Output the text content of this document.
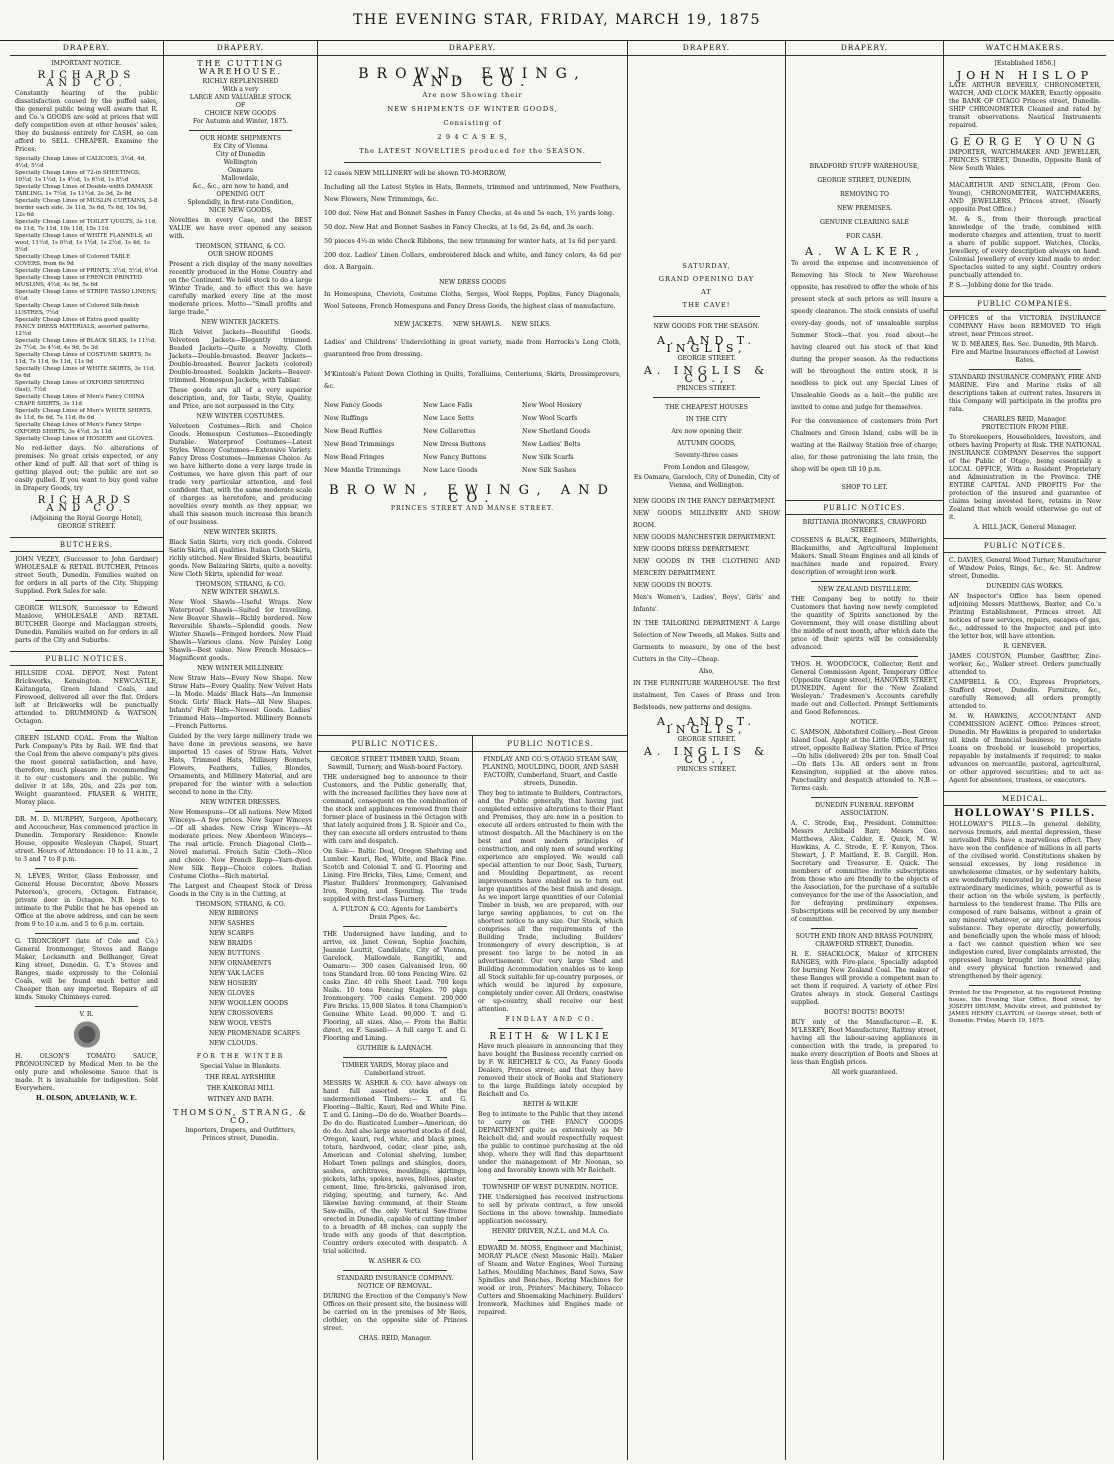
THE EVENING STAR, FRIDAY, MARCH 19, 1875
DRAPERY.
IMPORTANT NOTICE.
RICHARDS AND CO.
Constantly hearing of the public dissatisfaction caused by the puffed sales, the general public being well aware that R. and Co.'s GOODS are sold at prices that will defy competition even at other houses' sales, they do business entirely for CASH, so can afford to SELL CHEAPER. Examine the Prices:
Specially Cheap Lines of CALICOES, 3½d, 4d, 4½d, 5½d
Specially Cheap Lines of 72-in SHEETINGS, 10½d, 1s 1½d, 1s 4½d, 1s 6½d, 1s 8½d
Specially Cheap Lines of Double-width DAMASK TABLING, 1s 7½d, 1s 11½d, 2s 3d, 2s 8d
Specially Cheap Lines of MUSLIN CURTAINS, 3-8 border each side, 3s 11d, 5s 6d, 7s 6d, 10s 9d, 12s 6d
Specially Cheap Lines of TOILET QUILTS, 3s 11d, 6s 11d, 7s 11d, 10s 11d, 15s 11d
Specially Cheap Lines of WHITE FLANNELS, all wool, 11½d, 1s 0½d, 1s 1½d, 1s 2½d, 1s 4d, 1s 5½d
Specially Cheap Lines of Colored TABLE COVERS, from 6s 9d
Specially Cheap Lines of PRINTS, 3½d, 5½d, 6½d
Specially Cheap Lines of FRENCH PRINTED MUSLINS, 4½d, 4s 9d, 5s 6d
Specially Cheap Lines of STRIPE TASSO LINENS, 6½d
Specially Cheap Lines of Colored Silk-finish LUSTRES, 7½d
Specially Cheap Lines of Extra good quality FANCY DRESS MATERIALS, assorted patterns, 12½d
Specially Cheap Lines of BLACK SILKS, 1s 11½d, 2s 7½d, 3s 4½d, 4s 9d, 5s 3d
Specially Cheap Lines of COSTUME SKIRTS, 5s 11d, 7s 11d, 9s 11d, 11s 9d
Specially Cheap Lines of WHITE SKIRTS, 3s 11d, 6s 6d
Specially Cheap Lines of OXFORD SHIRTING (fast), 7½d
Specially Cheap Lines of Men's Fancy CHINA CRAPE SHIRTS, 3s 11d
Specially Cheap Lines of Men's WHITE SHIRTS, 4s 11d, 6s 6d, 7s 11d, 8s 6d
Specially Cheap Lines of Men's Fancy Stripe OXFORD SHIRTS, 3s 4½d, 3s 11d
Specially Cheap Lines of HOSIERY and GLOVES.
No red-letter days. No alterations of premises. No great crisis expected, or any other kind of puff. All that sort of thing is getting played out; the public are not so easily gulled. If you want to buy good value in Drapery Goods, try
RICHARDS AND CO.
(Adjoining the Royal George Hotel), GEORGE STREET.
BUTCHERS.
JOHN VEZEY, (Successor to John Gardner) WHOLESALE & RETAIL BUTCHER, Princes street South, Dunedin. Families waited on for orders in all parts of the City. Shipping Supplied. Pork Sales for sale.
GEORGE WILSON, Successor to Edward Manlove, WHOLESALE AND RETAIL BUTCHER George and Maclaggan streets, Dunedin. Families waited on for orders in all parts of the City and Suburbs.
PUBLIC NOTICES.
HILLSIDE COAL DEPOT, Next Patent Brickworks, Kensington. NEWCASTLE, Kaitangata, Green Island Coals, and Firewood, delivered all over the flat. Orders left at Brickworks will be punctually attended to. DRUMMOND & WATSON, Octagon.
GREEN ISLAND COAL. From the Walton Park Company's Pits by Rail. WE find that the Coal from the above company's pits gives the most general satisfaction, and have, therefore, much pleasure in recommending it to our customers and the public. We deliver it at 18s, 20s, and 22s per ton. Weight guaranteed. FRASER & WHITE, Moray place.
DR. M. D. MURPHY, Surgeon, Apothecary, and Accoucheur, Has commenced practice in Dunedin. Temporary Residence: Knowle House, opposite Wesleyan Chapel, Stuart street. Hours of Attendance: 10 to 11 a.m., 2 to 3 and 7 to 8 p.m.
N. LEVES, Writer, Glass Embosser, and General House Decorator, Above Messrs Paterson's, grocers, Octagon. Entrance, private door in Octagon. N.B. begs to intimate to the Public that he has opened an Office at the above address, and can be seen from 9 to 10 a.m. and 5 to 6 p.m. certain.
G. TRONCROFT (late of Cole and Co.) General Ironmonger, Stoves and Range Maker, Locksmith and Bellhanger, Great King street, Dunedin. G. T.'s Stoves and Ranges, made expressly to the Colonial Coals, will be found much better and Cheaper than any imported. Repairs of all kinds. Smoky Chimneys cured.
V. R.
H. OLSON'S TOMATO SAUCE, PRONOUNCED by Medical Men to be the only pure and wholesome Sauce that is made. It is invaluable for indigestion. Sold Everywhere.
H. OLSON, ADUELAND, W. E.
DRAPERY.
THE CUTTING WAREHOUSE.
RICHLY REPLENISHED
With a very
LARGE AND VALUABLE STOCK
OF
CHOICE NEW GOODS
For Autumn and Winter, 1875.
OUR HOME SHIPMENTS
Ex City of Vienna
City of Dunedin
Wellington
Oamaru
Mallowdale,
&c., &c., are now to hand, and
OPENING OUT
Splendidly, in first-rate Condition,
NICE NEW GOODS,
Novelties in every Case, and the BEST VALUE we have ever opened any season with.
THOMSON, STRANG, & CO.
OUR SHOW ROOMS
Present a rich display of the many novelties recently produced in the Home Country and on the Continent. We hold stock to do a large Winter Trade, and to effect this we have carefully marked every line at the most moderate prices. Motto—"Small profits and large trade."
NEW WINTER JACKETS.
Rich Velvet Jackets—Beautiful Goods. Velveteen Jackets—Elegantly trimmed. Beaded Jackets—Quite a Novelty. Cloth Jackets—Double-breasted. Beaver Jackets—Double-breasted. Beaver Jackets (colored) Double-breasted. Sealskin Jackets—Beaver-trimmed. Homespun Jackets, with Tabliar.
These goods are all of a very superior description, and, for Taste, Style, Quality, and Price, are not surpassed in the City.
NEW WINTER COSTUMES.
Velveteen Costumes—Rich and Choice Goods. Homespun Costumes—Exceedingly Durable. Waterproof Costumes—Latest Styles. Wincey Costumes—Extensive Variety. Fancy Dress Costumes—Immense Choice. As we have hitherto done a very large trade in Costumes, we have given this part of our trade very particular attention, and feel confident that, with the same moderate scale of charges as heretofore, and producing novelties every month as they appear, we shall this season much increase this branch of our business.
NEW WINTER SKIRTS.
Black Satin Skirts, very rich goods. Colored Satin Skirts, all qualities. Italian Cloth Skirts, richly stitched. New Braided Skirts, beautiful goods. New Balzaring Skirts, quite a novelty. New Cloth Skirts, splendid for wear.
THOMSON, STRANG, & CO.
NEW WINTER SHAWLS.
New Wool Shawls—Useful Wraps. New Waterproof Shawls—Suited for travelling. New Beaver Shawls—Richly bordered. New Reversible Shawls—Splendid goods. New Winter Shawls—Fringed borders. New Plaid Shawls—Various clans. New Paisley Long Shawls—Best value. New French Mosaics—Magnificent goods.
NEW WINTER MILLINERY.
New Straw Hats—Every New Shape. New Straw Hats—Every Quality. New Velvet Hats—In Mode. Maids' Black Hats—An Immense Stock. Girls' Black Hats—All New Shapes. Infants' Felt Hats—Newest Goods. Ladies' Trimmed Hats—Imported. Millinery Bonnets—French Patterns.
Guided by the very large millinery trade we have done in previous seasons, we have imported 15 cases of Straw Hats, Velvet Hats, Trimmed Hats, Millinery Bonnets, Flowers, Feathers, Tulles, Blondes, Ornaments, and Millinery Material, and are prepared for the winter with a selection second to none in the City.
NEW WINTER DRESSES.
New Homespuns—Of all nations. New Mixed Winceys—A few prices. New Super Winceys—Of all shades. New Crisp Winceys—At moderate prices. New Aberdeen Winceys—The real article. French Diagonal Cloth—Novel material. French Satin Cloth—Nice and choice. New French Repp—Yarn-dyed. New Silk Repp—Choice colors. Italian Costume Cloths—Rich material.
The Largest and Cheapest Stock of Dress Goods in the City is in the Cutting, at
THOMSON, STRANG, & CO.
NEW RIBBONS
NEW SASHES
NEW SCARFS
NEW BRAIDS
NEW BUTTONS
NEW ORNAMENTS
NEW YAK LACES
NEW HOSIERY
NEW GLOVES
NEW WOOLLEN GOODS
NEW CROSSOVERS
NEW WOOL VESTS
NEW PROMENADE SCARFS
NEW CLOUDS.
FOR THE WINTER
Special Value in Blankets.
THE REAL AYRSHIRE
THE KAIKORAI MILL
WITNEY AND BATH.
THOMSON, STRANG, & CO.
Importers, Drapers, and Outfitters,
Princes street, Dunedin.
DRAPERY.
BROWN, EWING, AND CO.
Are now Showing their
NEW SHIPMENTS OF WINTER GOODS,
Consisting of
2 9 4 C A S E S,
The LATEST NOVELTIES produced for the SEASON.
12 cases NEW MILLINERY will be shown TO-MORROW,
Including all the Latest Styles in Hats, Bonnets, trimmed and untrimmed, New Feathers, New Flowers, New Trimmings, &c.
100 doz. New Hat and Bonnet Sashes in Fancy Checks, at 4s and 5s each, 1½ yards long.
50 doz. New Hat and Bonnet Sashes in Fancy Checks, at 1s 6d, 2s 6d, and 3s each.
50 pieces 4½-in wide Check Ribbons, the new trimming for winter hats, at 1s 6d per yard.
200 doz. Ladies' Linen Collars, embroidered black and white, and fancy colors, 4s 6d per doz. A Bargain.
NEW DRESS GOODS
In Homespuns, Cheviots, Costume Cloths, Serges, Wool Repps, Poplins, Fancy Diagonals, Wool Sateens, French Homespuns and Fancy Dress Goods, the highest class of manufacture.
NEW JACKETS.     NEW SHAWLS.     NEW SILKS.
Ladies' and Childrens' Underclothing in great variety, made from Horrocks's Long Cloth, guaranteed free from dressing.
M'Kintosh's Patent Down Clothing in Quilts, Toralluims, Centeriums, Skirts, Dressimprovers, &c.
New Fancy Goods	New Lace Falls	New Wool Hosiery
New Ruffings	New Lace Setts	New Wool Scarfs
New Bead Ruffles	New Collarettes	New Shetland Goods
New Bead Trimmings	New Dress Buttons	New Ladies' Belts
New Bead Fringes	New Fancy Buttons	New Silk Scarfs
New Mantle Trimmings	New Lace Goods	New Silk Sashes
BROWN, EWING, AND CO.
PRINCES STREET AND MANSE STREET.
PUBLIC NOTICES.
GEORGE STREET TIMBER YARD, Steam Sawmill, Turnery, and Wash-board Factory.
THE undersigned beg to announce to their Customers, and the Public generally, that, with the increased facilities they have now at command, consequent on the combination of the stock and appliances removed from their former place of business in the Octagon with that lately acquired from J. R. Spicer and Co., they can execute all orders entrusted to them with care and despatch.
On Sale— Baltic Deal, Oregon Shelving and Lumber. Kauri, Red, White, and Black Pine. Scotch and Colonial T. and G. Flooring and Lining. Fire Bricks, Tiles, Lime, Cement, and Plaster. Builders' Ironmongery, Galvanised Iron, Roping, and Spouting. The trade supplied with first-class Turnery.
A. FULTON & CO. Agents for Lambert's Drain Pipes, &c.
THE Undersigned have landing, and to arrive, ex Janet Cowan, Sophie Joachim, Jeannie Louttit, Candidate, City of Vienna, Garelock, Mallowdale, Rangitiki, and Oamaru:— 300 cases Galvanised Iron. 60 tons Standard Iron. 60 tons Fencing Wire. 62 casks Zinc. 40 rolls Sheet Lead. 700 kegs Nails. 10 tons Fencing Staples. 70 pkgs Ironmongery. 700 casks Cement. 200,000 Fire Bricks. 15,000 Slates. 8 tons Champion's Genuine White Lead. 90,000 T. and G. Flooring, all sizes. Also,— From the Baltic direct, ex F. Sasseli— A full cargo T. and G. Flooring and Lining.
GUTHRIE & LARNACH.
TIMBER YARDS, Moray place and Cumberland street.
MESSRS W. ASHER & CO. have always on hand full assorted stocks of the undermentioned Timbers:— T. and G. Flooring—Baltic, Kauri, Red and White Pine. T. and G. Lining—Do do do. Weather Boards—Do do do. Rusticated Lumber—American, do do do. And also large assorted stocks of deal, Oregon, kauri, red, white, and black pines, totara, hardwood, cedar, clear pine, ash, American and Colonial shelving, lumber, Hobart Town palings and shingles, doors, sashes, architraves, mouldings, skirtings, pickets, laths, spokes, naves, felloes, plaster, cement, lime, fire-bricks, galvanised iron, ridging, spouting, and turnery, &c. And likewise having command, at their Steam Saw-mills, of the only Vertical Saw-frame erected in Dunedin, capable of cutting timber to a breadth of 48 inches, can supply the trade with any goods of that description. Country orders executed with despatch. A trial solicited.
W. ASHER & CO.
STANDARD INSURANCE COMPANY. NOTICE OF REMOVAL.
DURING the Erection of the Company's New Offices on their present site, the business will be carried on in the premises of Mr Rees, clothier, on the opposite side of Princes street.
CHAS. REID, Manager.
PUBLIC NOTICES.
FINDLAY AND CO.'S OTAGO STEAM SAW, PLANING, MOULDING, DOOR, AND SASH FACTORY, Cumberland, Stuart, and Castle streets, Dunedin.
They beg to intimate to Builders, Contractors, and the Public generally, that having just completed extensive alterations to their Plant and Premises, they are now in a position to execute all orders entrusted to them with the utmost despatch. All the Machinery is on the best and most modern principles of construction, and only men of sound working experience are employed. We would call special attention to our Door, Sash, Turnery, and Moulding Department, as recent improvements have enabled us to turn out large quantities of the best finish and design. As we import large quantities of our Colonial Timber in bush, we are prepared, with our large sawing appliances, to cut on the shortest notice to any size. Our Stock, which comprises all the requirements of the Building Trade, including Builders' Ironmongery of every description, is at present too large to be noted in an advertisement. Our very large Shed and Building Accommodation enables us to keep all Stock suitable for up-country purposes, or which would be injured by exposure, completely under cover. All Orders, coastwise or up-country, shall receive our best attention.
FINDLAY AND CO.
REITH & WILKIE
Have much pleasure in announcing that they have bought the Business recently carried on by F. W. REICHELT & CO., As Fancy Goods Dealers, Princes street; and that they have removed their stock of Books and Stationery to the large Buildings lately occupied by Reichelt and Co.
REITH & WILKIE
Beg to intimate to the Public that they intend to carry on THE FANCY GOODS DEPARTMENT quite as extensively as Mr Reichelt did, and would respectfully request the public to continue purchasing at the old shop, where they will find this department under the management of Mr Noonan, so long and favorably known with Mr Reichelt.
TOWNSHIP OF WEST DUNEDIN. NOTICE.
THE Undersigned has received instructions to sell by private contract, a few unsold Sections in the above township. Immediate application necessary.
HENRY DRIVER, N.Z.L. and M.A. Co.
EDWARD M. MOSS, Engineer and Machinist, MORAY PLACE (Next Masonic Hall). Maker of Steam and Water Engines, Wool Turning Lathes, Moulding Machines, Band Saws, Saw Spindles and Benches, Boring Machines for wood or iron, Printers' Machinery, Tobacco Cutters and Shoemaking Machinery. Builders' Ironwork. Machines and Engines made or repaired.
DRAPERY.
SATURDAY,
GRAND OPENING DAY
AT
THE CAVE!
NEW GOODS FOR THE SEASON.
A. AND T. INGLIS,
GEORGE STREET.
A. INGLIS & CO.,
PRINCES STREET.
THE CHEAPEST HOUSES
IN THE CITY
Are now opening their
AUTUMN GOODS,
Seventy-three cases
From London and Glasgow,
Ex Oamaru, Gareloch, City of Dunedin, City of Vienna, and Wellington.
NEW GOODS IN THE FANCY DEPARTMENT.
NEW GOODS MILLINERY AND SHOW ROOM.
NEW GOODS MANCHESTER DEPARTMENT.
NEW GOODS DRESS DEPARTMENT.
NEW GOODS IN THE CLOTHING AND MERCERY DEPARTMENT.
NEW GOODS IN BOOTS.
Men's Women's, Ladies', Boys', Girls' and Infants'.
IN THE TAILORING DEPARTMENT A Large Selection of New Tweeds, all Makes. Suits and Garments to measure, by one of the best Cutters in the City—Cheap.
Also,
IN THE FURNITURE WAREHOUSE. The first instalment, Ten Cases of Brass and Iron Bedsteads, new patterns and designs.
A. AND T. INGLIS,
GEORGE STREET.
A. INGLIS & CO.,
PRINCES STREET.
DRAPERY.
BRADFORD STUFF WAREHOUSE,
GEORGE STREET, DUNEDIN.
REMOVING TO
NEW PREMISES.
GENUINE CLEARING SALE
FOR CASH.
A. WALKER,
To avoid the expense and inconvenience of Removing his Stock to New Warehouse opposite, has resolved to offer the whole of his present stock at such prices as will insure a speedy clearance. The stock consists of useful every-day goods, not of unsaleable surplus Summer Stock—that you read about—he having cleared out his stock of that kind during the proper season. As the reductions will be throughout the entire stock, it is needless to pick out any Special Lines of Unsaleable Goods as a bait—the public are invited to come and judge for themselves.
For the convenience of customers from Port Chalmers and Green Island, cabs will be in waiting at the Railway Station free of charge; also, for those patronising the late train, the shop will be open till 10 p.m.
SHOP TO LET.
PUBLIC NOTICES.
BRITTANIA IRONWORKS, CRAWFORD STREET.
COSSENS & BLACK, Engineers, Millwrights, Blacksmiths, and Agricultural Implement Makers. Small Steam Engines and all kinds of machines made and repaired. Every description of wrought iron work.
NEW ZEALAND DISTILLERY.
THE Company beg to notify to their Customers that having now newly completed the quantity of Spirits sanctioned by the Government, they will cease distilling about the middle of next month, after which date the price of their spirits will be considerably advanced.
THOS. H. WOODCOCK, Collector, Rent and General Commission Agent, Temporary Office (Opposite Grange street), HANOVER STREET, DUNEDIN. Agent for the 'New Zealand Wesleyan.' Tradesmen's Accounts carefully made out and Collected. Prompt Settlements and Good References.
NOTICE.
C. SAMSON, Abbotsford Colliery.—Best Green Island Coal. Apply at the Little Office, Rattray street, opposite Railway Station. Price of Price—On hills (delivered) 20s per ton. Small Coal—On flats 13s. All orders sent in from Kensington, supplied at the above rates. Punctuality and despatch attended to. N.B.—Terms cash.
DUNEDIN FUNERAL REFORM ASSOCIATION.
A. C. Strode, Esq., President. Committee: Messrs Archibald Barr, Messrs Geo. Matthews, Alex. Calder, E. Quick, M. W. Hawkins, A. C. Strode, E. F. Kenyon, Thos. Stewart, J. P. Maitland, E. B. Cargill. Hon. Secretary and Treasurer, E. Quick. The members of committee invite subscriptions from those who are friendly to the objects of the Association, for the purchase of a suitable conveyance for the use of the Association, and for defraying preliminary expenses. Subscriptions will be received by any member of committee.
SOUTH END IRON AND BRASS FOUNDRY, CRAWFORD STREET, Dunedin.
H. E. SHACKLOCK, Maker of KITCHEN RANGES, with Fire-place, Specially adapted for burning New Zealand Coal. The maker of these Ranges will provide a competent man to set them if required. A variety of other Fire Grates always in stock. General Castings supplied.
BOOTS! BOOTS! BOOTS!
BUY only of the Manufacturer.—E. K. M'LESKEY, Boot Manufacturer, Rattray street, having all the labour-saving appliances in connection with the trade, is prepared to make every description of Boots and Shoes at less than English prices.
All work guaranteed.
WATCHMAKERS.
[Established 1856.]
JOHN HISLOP
LATE ARTHUR BEVERLY, CHRONOMETER, WATCH, AND CLOCK MAKER, Exactly opposite the BANK OF OTAGO Princes street, Dunedin. SHIP CHRONOMETER Cleaned and rated by transit observations. Nautical Instruments repaired.
GEORGE YOUNG
IMPORTER, WATCHMAKER AND JEWELLER, PRINCES STREET, Dunedin, Opposite Bank of New South Wales.
MACARTHUR AND SINCLAIR, (From Geo. Young), CHRONOMETER, WATCHMAKERS, AND JEWELLERS, Princes street, (Nearly opposite Post Office.)
M. & S., from their thorough practical knowledge of the trade, combined with moderate charges and attention, trust to merit a share of public support. Watches, Clocks, Jewellery, of every description always on hand. Colonial Jewellery of every kind made to order. Spectacles suited to any sight. Country orders punctually attended to.
P. S.—Jobbing done for the trade.
PUBLIC COMPANIES.
OFFICES of the VICTORIA INSURANCE COMPANY Have been REMOVED TO High street, near Princes street.
W. D. MEARES, Res. Sec. Dunedin, 9th March.
Fire and Marine Insurances effected at Lowest Rates.
STANDARD INSURANCE COMPANY, FIRE AND MARINE. Fire and Marine risks of all descriptions taken at current rates. Insurers in this Company will participate in the profits pro rata.
CHARLES REID, Manager.
PROTECTION FROM FIRE.
To Storekeepers, Householders, Investors, and others having Property at Risk. THE NATIONAL INSURANCE COMPANY Deserves the support of the Public of Otago, being essentially a LOCAL OFFICE, With a Resident Proprietary and Administration in the Province. THE ENTIRE CAPITAL AND PROFITS For the protection of the insured and guarantee of claims being invested here, retains in New Zealand that which would otherwise go out of it.
A. HILL JACK, General Manager.
PUBLIC NOTICES.
C. DAVIES, General Wood Turner, Manufacturer of Window Poles, Rings, &c., &c. St. Andrew street, Dunedin.
DUNEDIN GAS WORKS.
AN Inspector's Office has been opened adjoining Messrs Matthews, Baxter, and Co.'s Printing Establishment, Princes street. All notices of new services, repairs, escapes of gas, &c., addressed to the Inspector, and put into the letter box, will have attention.
R. GENEVER.
JAMES COUSTON, Plumber, Gasfitter, Zinc-worker, &c., Walker street. Orders punctually attended to.
CAMPBELL & CO., Express Proprietors, Stafford street, Dunedin. Furniture, &c., carefully Removed; all orders promptly attended to.
M. W. HAWKINS, ACCOUNTANT AND COMMISSION AGENT. Office: Princes street, Dunedin. Mr Hawkins is prepared to undertake all kinds of financial business; to negotiate Loans on freehold or leasehold properties, repayable by instalments if required; to make advances on mercantile, pastoral, agricultural, or other approved securities; and to act as Agent for absentees, trustees, or executors.
MEDICAL.
HOLLOWAY'S PILLS.
HOLLOWAY'S PILLS.—In general debility, nervous tremors, and mental depression, these unrivalled Pills have a marvellous effect. They have won the confidence of millions in all parts of the civilised world. Constitutions shaken by sensual excesses, by long residence in unwholesome climates, or by sedentary habits, are wonderfully renovated by a course of these extraordinary medicines, which, powerful as is their action on the whole system, is perfectly harmless to the tenderest frame. The Pills are composed of rare balsams, without a grain of any mineral whatever, or any other deleterious substance. They operate directly, powerfully, and beneficially upon the whole mass of blood; a fact we cannot question when we see indigestion cured, liver complaints arrested, the oppressed lungs brought into healthful play, and every physical function renewed and strengthened by their agency.
Printed for the Proprietor, at his registered Printing house, the Evening Star Office, Bond street, by JOSEPH DRUMM, Melville street, and published by JAMES HENRY CLAYTON, of George street, both of Dunedin: Friday, March 19, 1875.
